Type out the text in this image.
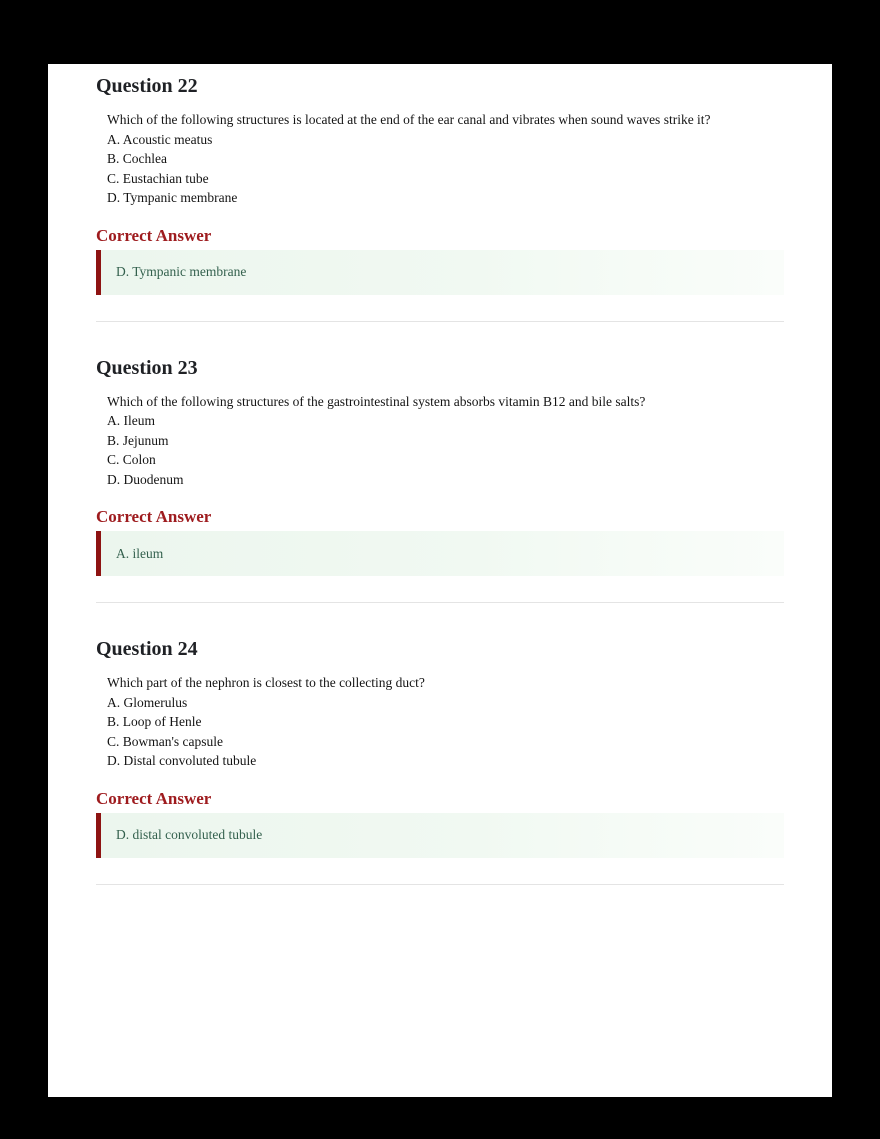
Question 22

Which of the following structures is located at the end of the ear canal and vibrates when sound waves strike it?

A. Acoustic meatus

B. Cochlea

C. Eustachian tube

D. Tympanic membrane

Correct Answer
D. Tympanic membrane
Question 23

Which of the following structures of the gastrointestinal system absorbs vitamin B12 and bile salts?

A. Ileum

B. Jejunum

C. Colon

D. Duodenum

Correct Answer
A. ileum
Question 24

Which part of the nephron is closest to the collecting duct?

A. Glomerulus

B. Loop of Henle

C. Bowman's capsule

D. Distal convoluted tubule

Correct Answer
D. distal convoluted tubule
